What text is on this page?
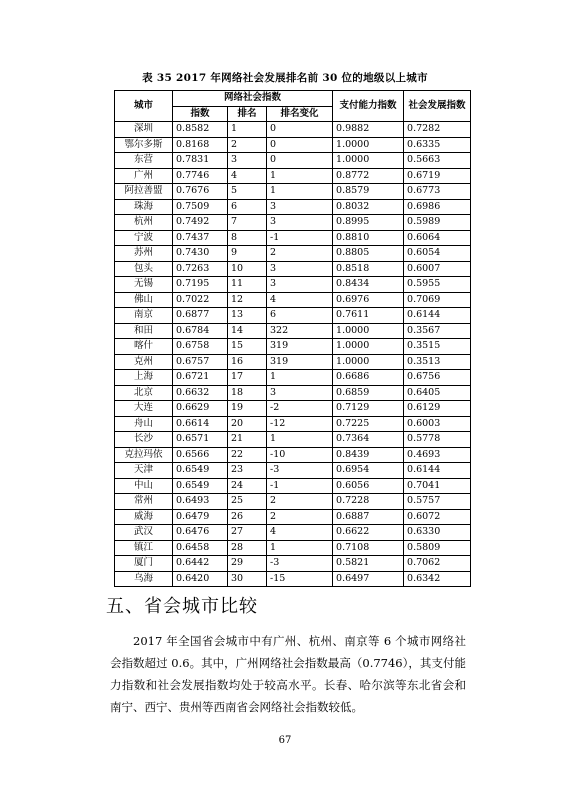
表 35 2017 年网络社会发展排名前 30 位的地级以上城市
城市	网络社会指数			支付能力指数	社会发展指数
	指数	排名	排名变化		
深圳	0.8582	1	0	0.9882	0.7282
鄂尔多斯	0.8168	2	0	1.0000	0.6335
东营	0.7831	3	0	1.0000	0.5663
广州	0.7746	4	1	0.8772	0.6719
阿拉善盟	0.7676	5	1	0.8579	0.6773
珠海	0.7509	6	3	0.8032	0.6986
杭州	0.7492	7	3	0.8995	0.5989
宁波	0.7437	8	-1	0.8810	0.6064
苏州	0.7430	9	2	0.8805	0.6054
包头	0.7263	10	3	0.8518	0.6007
无锡	0.7195	11	3	0.8434	0.5955
佛山	0.7022	12	4	0.6976	0.7069
南京	0.6877	13	6	0.7611	0.6144
和田	0.6784	14	322	1.0000	0.3567
喀什	0.6758	15	319	1.0000	0.3515
克州	0.6757	16	319	1.0000	0.3513
上海	0.6721	17	1	0.6686	0.6756
北京	0.6632	18	3	0.6859	0.6405
大连	0.6629	19	-2	0.7129	0.6129
舟山	0.6614	20	-12	0.7225	0.6003
长沙	0.6571	21	1	0.7364	0.5778
克拉玛依	0.6566	22	-10	0.8439	0.4693
天津	0.6549	23	-3	0.6954	0.6144
中山	0.6549	24	-1	0.6056	0.7041
常州	0.6493	25	2	0.7228	0.5757
威海	0.6479	26	2	0.6887	0.6072
武汉	0.6476	27	4	0.6622	0.6330
镇江	0.6458	28	1	0.7108	0.5809
厦门	0.6442	29	-3	0.5821	0.7062
乌海	0.6420	30	-15	0.6497	0.6342
五、省会城市比较
2017 年全国省会城市中有广州、杭州、南京等 6 个城市网络社会指数超过 0.6。其中，广州网络社会指数最高（0.7746），其支付能力指数和社会发展指数均处于较高水平。长春、哈尔滨等东北省会和南宁、西宁、贵州等西南省会网络社会指数较低。
67
